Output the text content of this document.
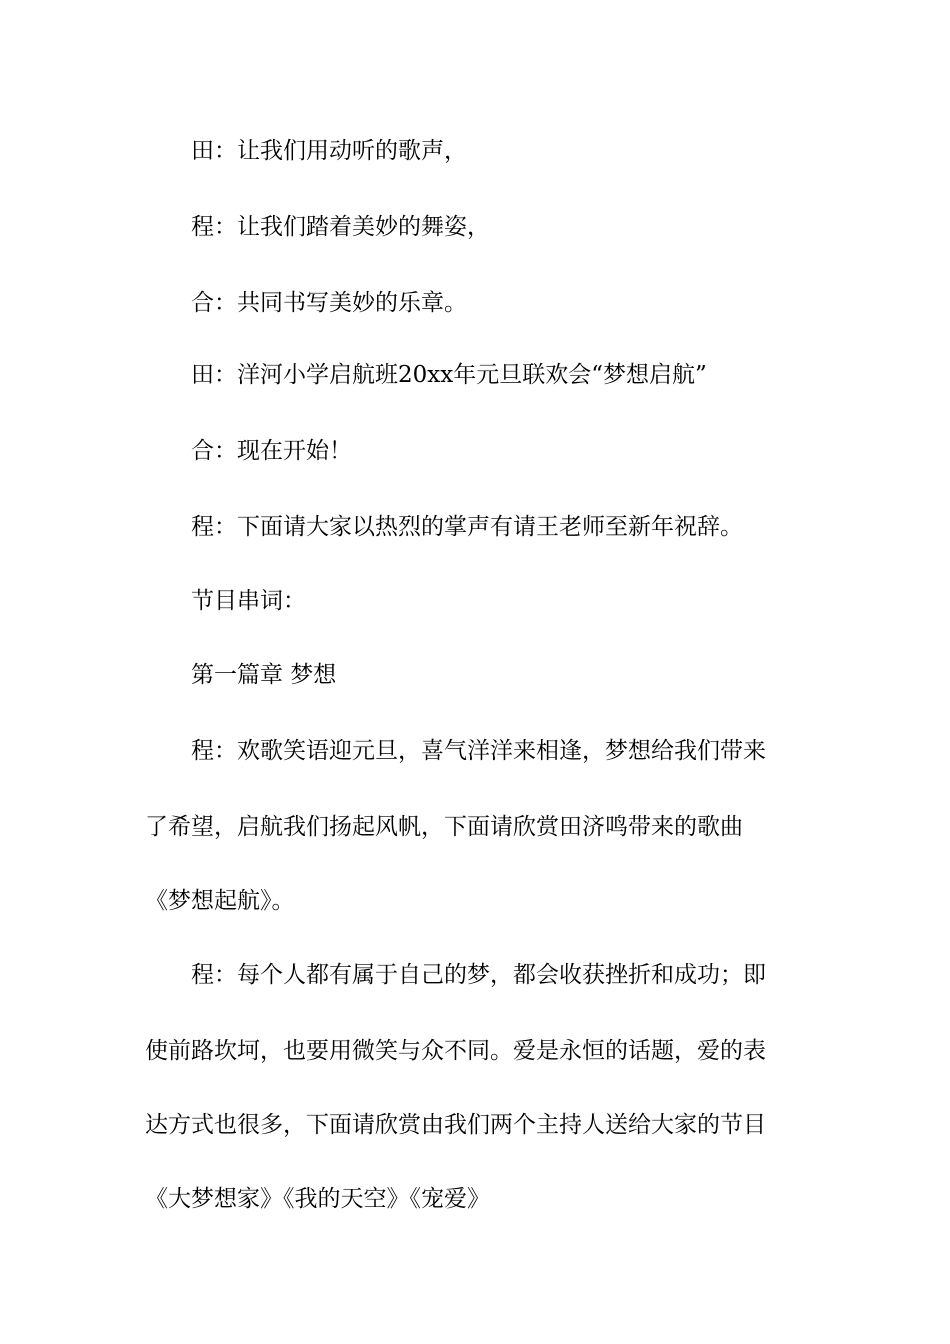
　　田：让我们用动听的歌声，

　　程：让我们踏着美妙的舞姿，

　　合：共同书写美妙的乐章。

　　田：洋河小学启航班20xx年元旦联欢会“梦想启航”

　　合：现在开始！

　　程：下面请大家以热烈的掌声有请王老师至新年祝辞。

　　节目串词：

　　第一篇章 梦想

　　程：欢歌笑语迎元旦，喜气洋洋来相逢，梦想给我们带来

了希望，启航我们扬起风帆，下面请欣赏田济鸣带来的歌曲

《梦想起航》。

　　程：每个人都有属于自己的梦，都会收获挫折和成功；即

使前路坎坷，也要用微笑与众不同。爱是永恒的话题，爱的表

达方式也很多，下面请欣赏由我们两个主持人送给大家的节目

《大梦想家》《我的天空》《宠爱》
